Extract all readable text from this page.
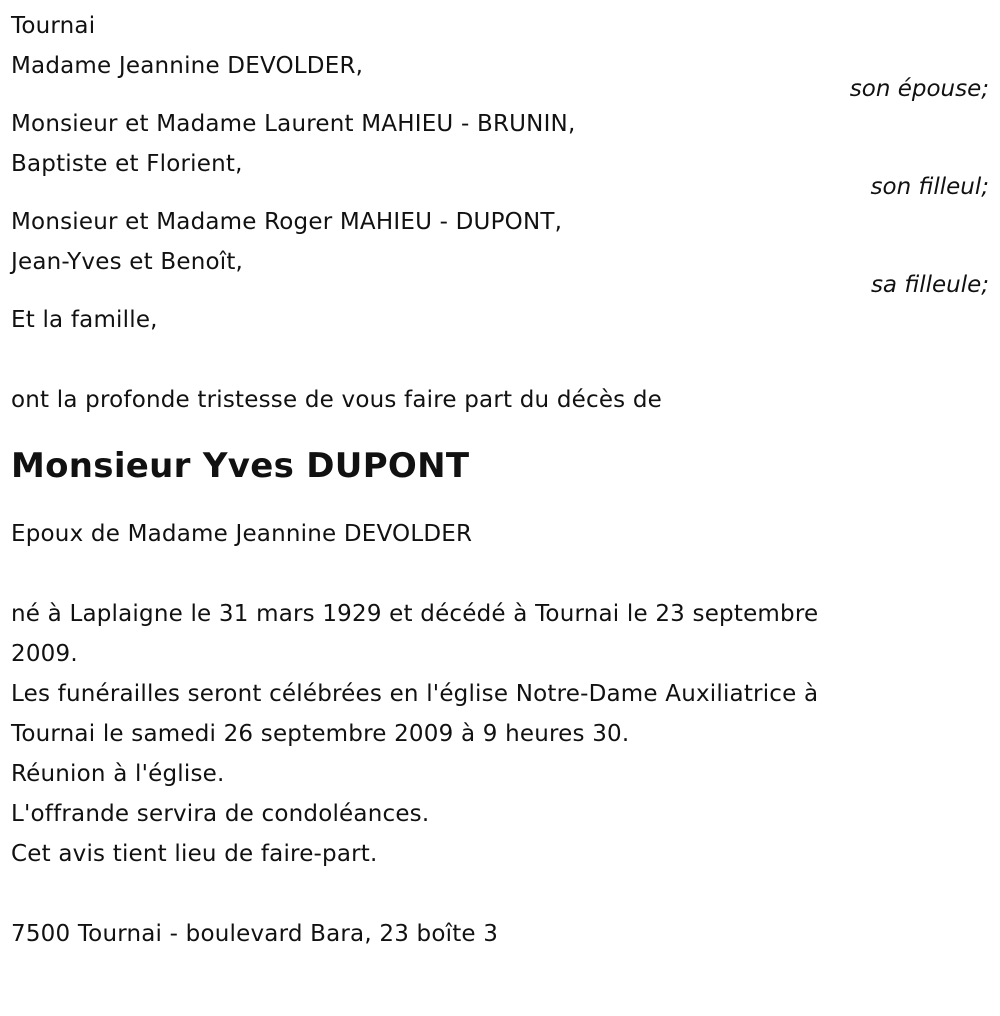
Tournai
Madame Jeannine DEVOLDER,
son épouse;
Monsieur et Madame Laurent MAHIEU - BRUNIN,
Baptiste et Florient,
son filleul;
Monsieur et Madame Roger MAHIEU - DUPONT,
Jean-Yves et Benoît,
sa filleule;
Et la famille,
ont la profonde tristesse de vous faire part du décès de
Monsieur Yves DUPONT
Epoux de Madame Jeannine DEVOLDER
né à Laplaigne le 31 mars 1929 et décédé à Tournai le 23 septembre
2009.
Les funérailles seront célébrées en l'église Notre-Dame Auxiliatrice à
Tournai le samedi 26 septembre 2009 à 9 heures 30.
Réunion à l'église.
L'offrande servira de condoléances.
Cet avis tient lieu de faire-part.
7500 Tournai - boulevard Bara, 23 boîte 3
